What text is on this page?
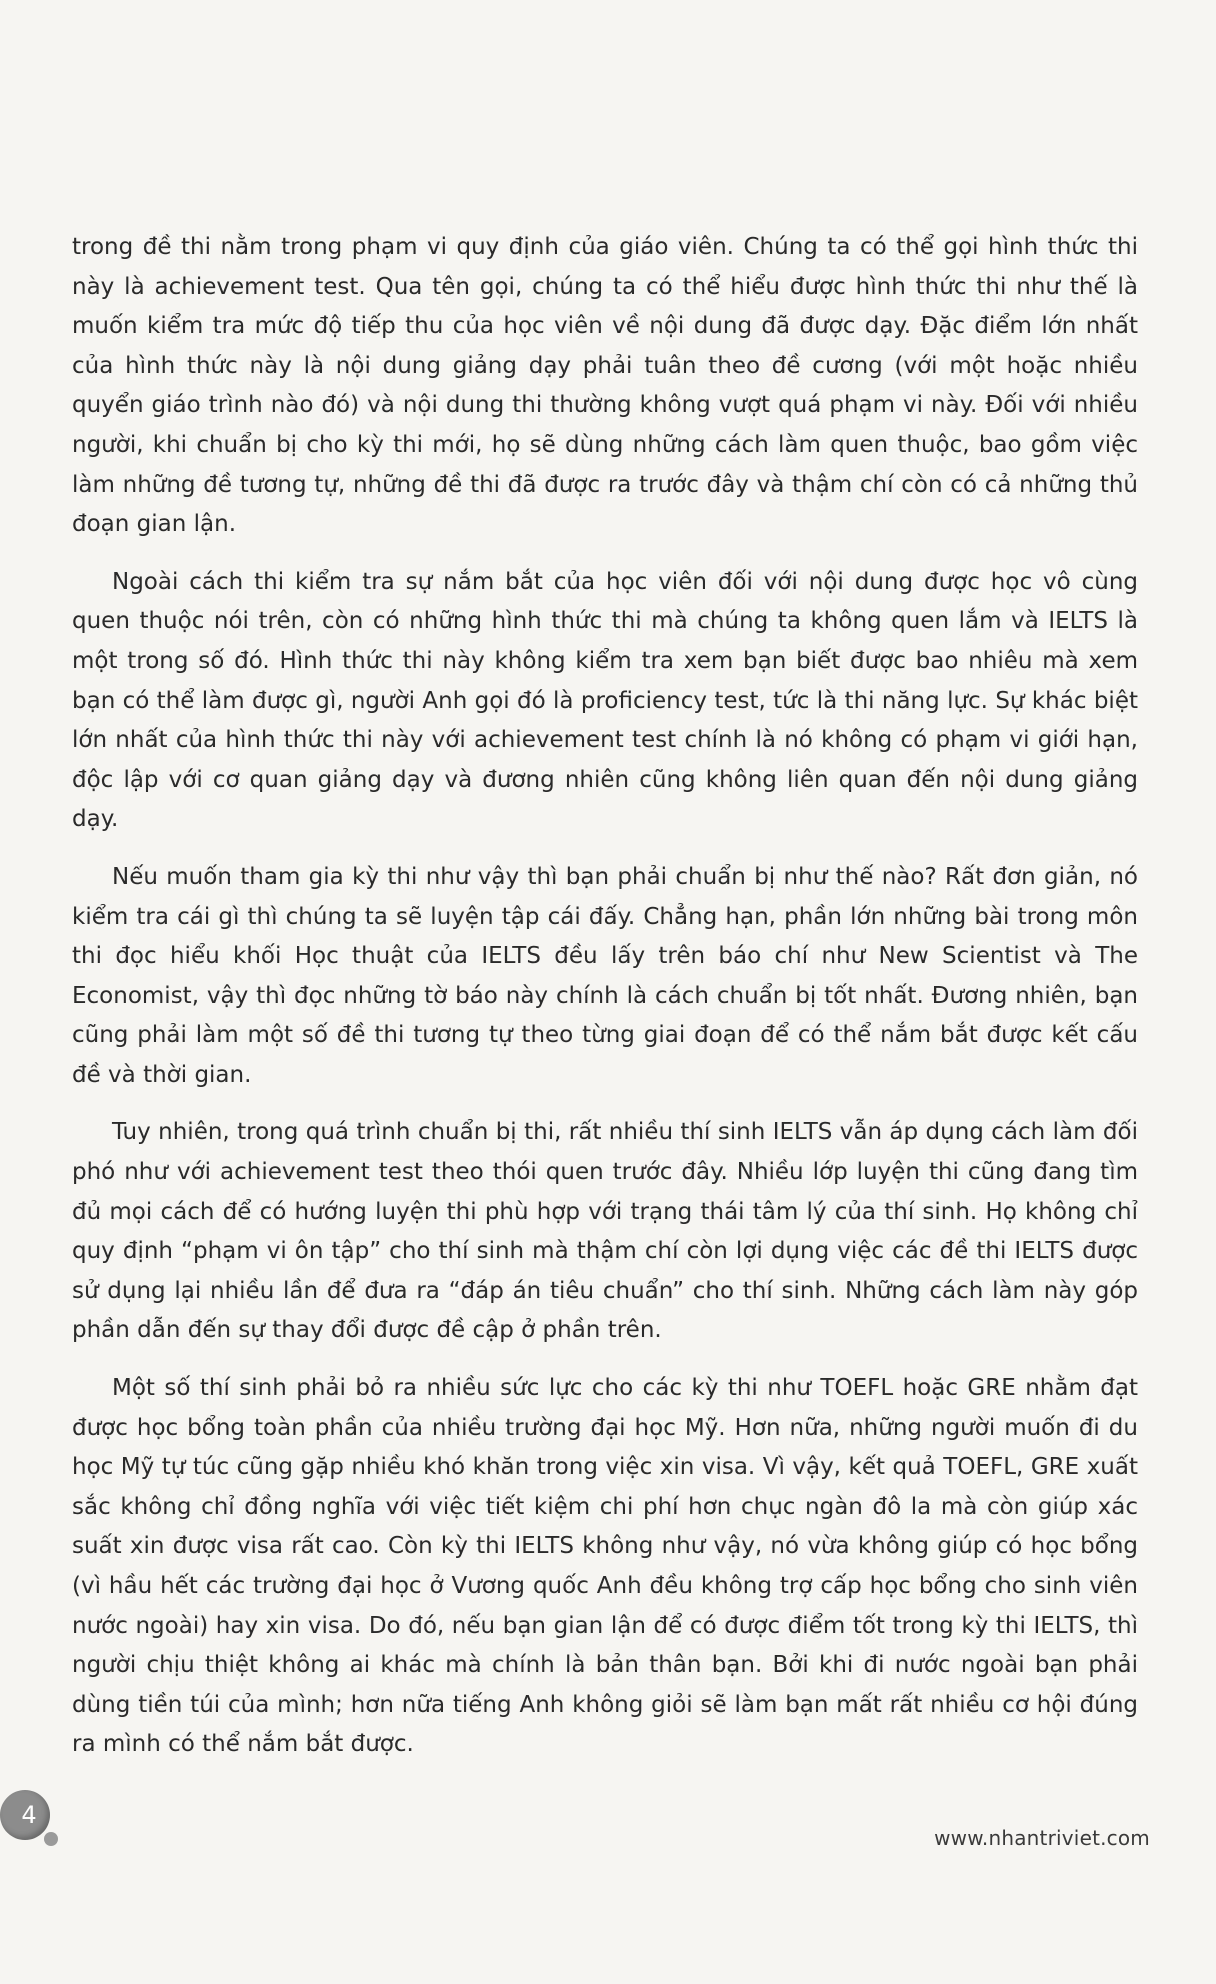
trong đề thi nằm trong phạm vi quy định của giáo viên. Chúng ta có thể gọi hình thức thi này là achievement test. Qua tên gọi, chúng ta có thể hiểu được hình thức thi như thế là muốn kiểm tra mức độ tiếp thu của học viên về nội dung đã được dạy. Đặc điểm lớn nhất của hình thức này là nội dung giảng dạy phải tuân theo đề cương (với một hoặc nhiều quyển giáo trình nào đó) và nội dung thi thường không vượt quá phạm vi này. Đối với nhiều người, khi chuẩn bị cho kỳ thi mới, họ sẽ dùng những cách làm quen thuộc, bao gồm việc làm những đề tương tự, những đề thi đã được ra trước đây và thậm chí còn có cả những thủ đoạn gian lận.

Ngoài cách thi kiểm tra sự nắm bắt của học viên đối với nội dung được học vô cùng quen thuộc nói trên, còn có những hình thức thi mà chúng ta không quen lắm và IELTS là một trong số đó. Hình thức thi này không kiểm tra xem bạn biết được bao nhiêu mà xem bạn có thể làm được gì, người Anh gọi đó là proficiency test, tức là thi năng lực. Sự khác biệt lớn nhất của hình thức thi này với achievement test chính là nó không có phạm vi giới hạn, độc lập với cơ quan giảng dạy và đương nhiên cũng không liên quan đến nội dung giảng dạy.

Nếu muốn tham gia kỳ thi như vậy thì bạn phải chuẩn bị như thế nào? Rất đơn giản, nó kiểm tra cái gì thì chúng ta sẽ luyện tập cái đấy. Chẳng hạn, phần lớn những bài trong môn thi đọc hiểu khối Học thuật của IELTS đều lấy trên báo chí như New Scientist và The Economist, vậy thì đọc những tờ báo này chính là cách chuẩn bị tốt nhất. Đương nhiên, bạn cũng phải làm một số đề thi tương tự theo từng giai đoạn để có thể nắm bắt được kết cấu đề và thời gian.

Tuy nhiên, trong quá trình chuẩn bị thi, rất nhiều thí sinh IELTS vẫn áp dụng cách làm đối phó như với achievement test theo thói quen trước đây. Nhiều lớp luyện thi cũng đang tìm đủ mọi cách để có hướng luyện thi phù hợp với trạng thái tâm lý của thí sinh. Họ không chỉ quy định “phạm vi ôn tập” cho thí sinh mà thậm chí còn lợi dụng việc các đề thi IELTS được sử dụng lại nhiều lần để đưa ra “đáp án tiêu chuẩn” cho thí sinh. Những cách làm này góp phần dẫn đến sự thay đổi được đề cập ở phần trên.

Một số thí sinh phải bỏ ra nhiều sức lực cho các kỳ thi như TOEFL hoặc GRE nhằm đạt được học bổng toàn phần của nhiều trường đại học Mỹ. Hơn nữa, những người muốn đi du học Mỹ tự túc cũng gặp nhiều khó khăn trong việc xin visa. Vì vậy, kết quả TOEFL, GRE xuất sắc không chỉ đồng nghĩa với việc tiết kiệm chi phí hơn chục ngàn đô la mà còn giúp xác suất xin được visa rất cao. Còn kỳ thi IELTS không như vậy, nó vừa không giúp có học bổng (vì hầu hết các trường đại học ở Vương quốc Anh đều không trợ cấp học bổng cho sinh viên nước ngoài) hay xin visa. Do đó, nếu bạn gian lận để có được điểm tốt trong kỳ thi IELTS, thì người chịu thiệt không ai khác mà chính là bản thân bạn. Bởi khi đi nước ngoài bạn phải dùng tiền túi của mình; hơn nữa tiếng Anh không giỏi sẽ làm bạn mất rất nhiều cơ hội đúng ra mình có thể nắm bắt được.

4
www.nhantriviet.com
